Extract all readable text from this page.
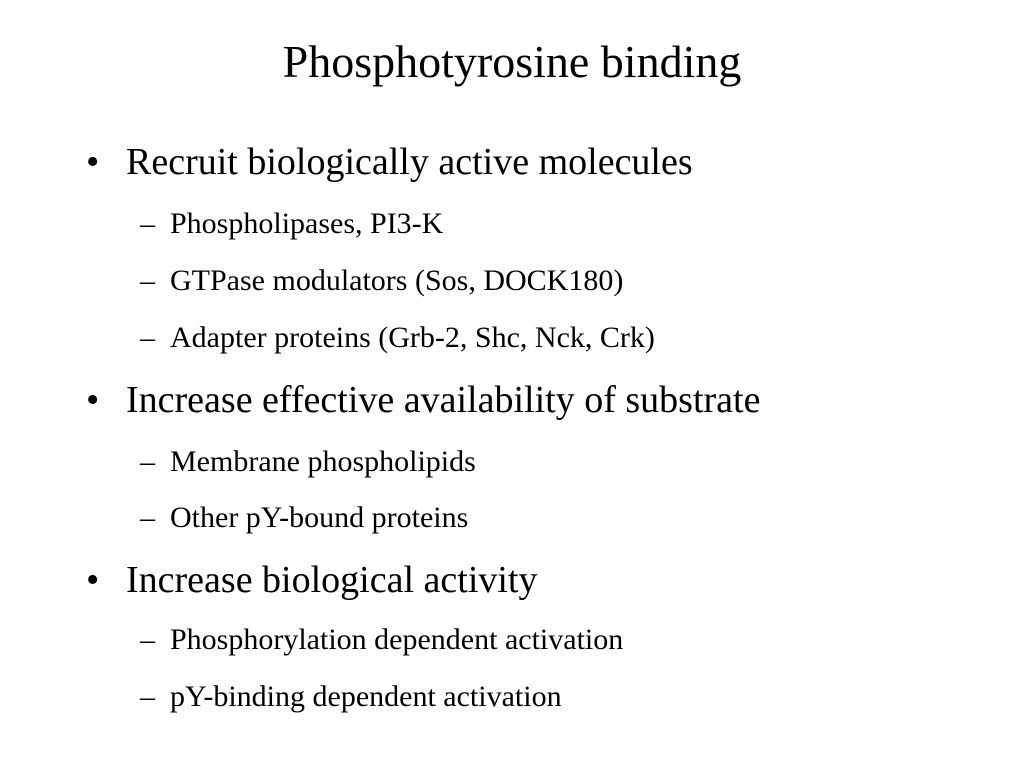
Phosphotyrosine binding
• Recruit biologically active molecules
– Phospholipases, PI3-K
– GTPase modulators (Sos, DOCK180)
– Adapter proteins (Grb-2, Shc, Nck, Crk)
• Increase effective availability of substrate
– Membrane phospholipids
– Other pY-bound proteins
• Increase biological activity
– Phosphorylation dependent activation
– pY-binding dependent activation
